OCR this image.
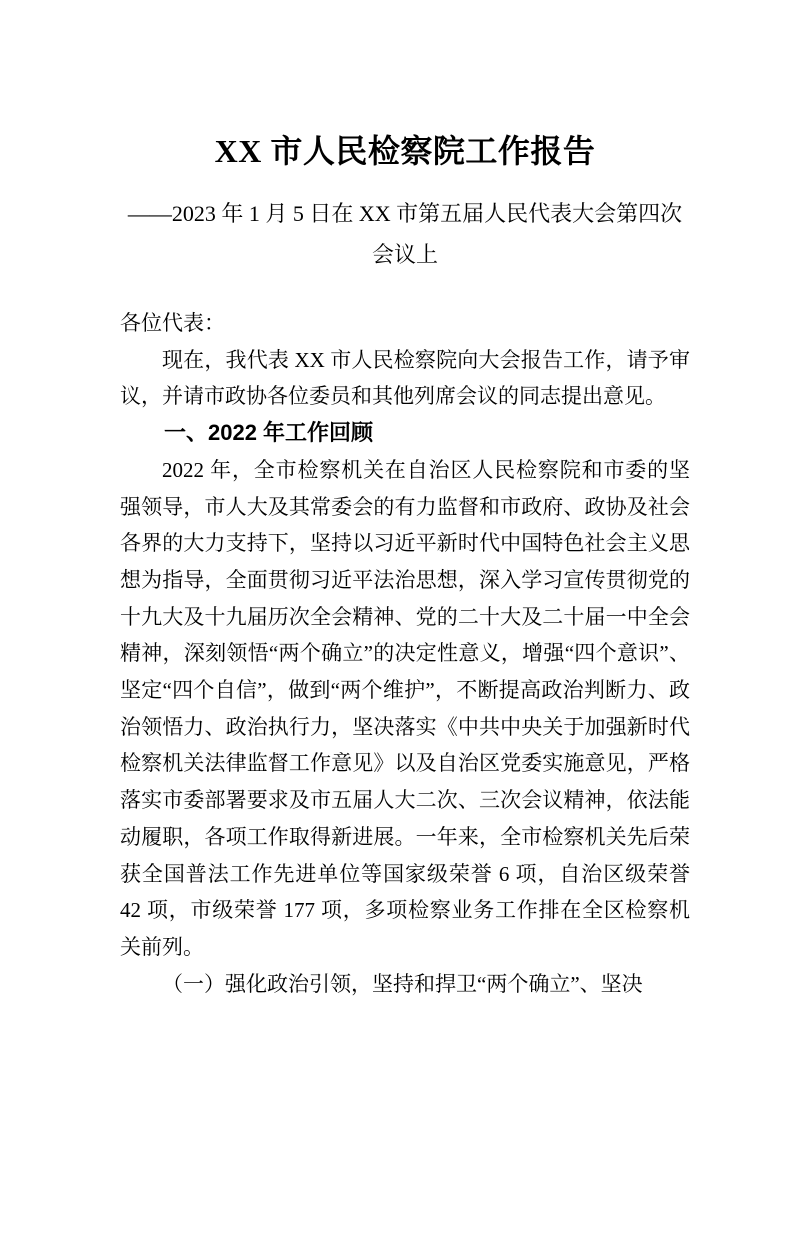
XX 市人民检察院工作报告
——2023 年 1 月 5 日在 XX 市第五届人民代表大会第四次会议上

各位代表：

现在，我代表 XX 市人民检察院向大会报告工作，请予审议，并请市政协各位委员和其他列席会议的同志提出意见。

一、2022 年工作回顾

2022 年，全市检察机关在自治区人民检察院和市委的坚强领导，市人大及其常委会的有力监督和市政府、政协及社会各界的大力支持下，坚持以习近平新时代中国特色社会主义思想为指导，全面贯彻习近平法治思想，深入学习宣传贯彻党的十九大及十九届历次全会精神、党的二十大及二十届一中全会精神，深刻领悟“两个确立”的决定性意义，增强“四个意识”、坚定“四个自信”，做到“两个维护”，不断提高政治判断力、政治领悟力、政治执行力，坚决落实《中共中央关于加强新时代检察机关法律监督工作意见》以及自治区党委实施意见，严格落实市委部署要求及市五届人大二次、三次会议精神，依法能动履职，各项工作取得新进展。一年来，全市检察机关先后荣获全国普法工作先进单位等国家级荣誉 6 项，自治区级荣誉 42 项，市级荣誉 177 项，多项检察业务工作排在全区检察机关前列。

（一）强化政治引领，坚持和捍卫“两个确立”、坚决
